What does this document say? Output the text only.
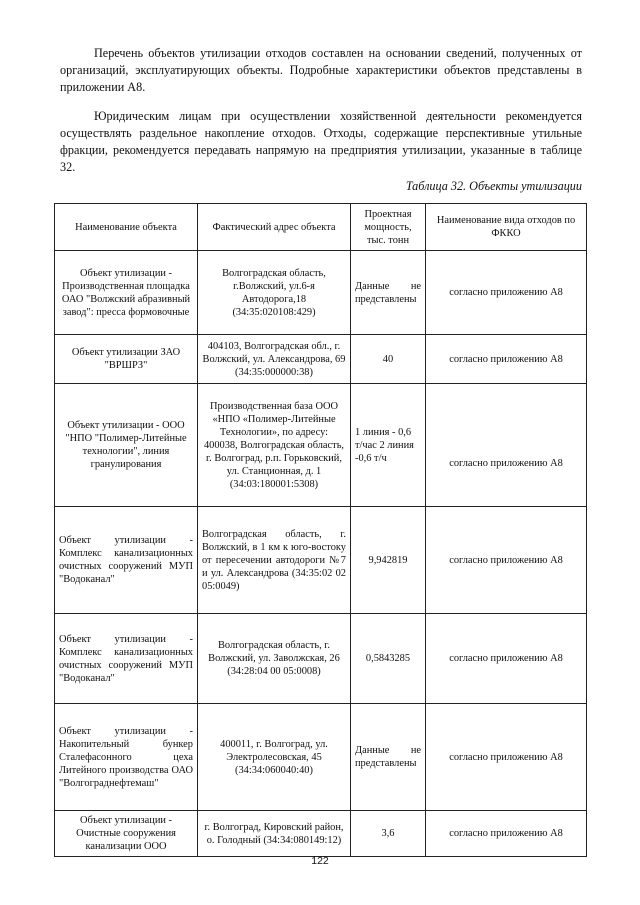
Перечень объектов утилизации отходов составлен на основании сведений, полученных от организаций, эксплуатирующих объекты. Подробные характеристики объектов представлены в приложении А8.

Юридическим лицам при осуществлении хозяйственной деятельности рекомендуется осуществлять раздельное накопление отходов. Отходы, содержащие перспективные утильные фракции, рекомендуется передавать напрямую на предприятия утилизации, указанные в таблице 32.

Таблица 32. Объекты утилизации

Наименование объекта	Фактический адрес объекта	Проектная мощность, тыс. тонн	Наименование вида отходов по ФККО
Объект утилизации - Производственная площадка ОАО "Волжский абразивный завод": пресса формовочные	Волгоградская область, г.Волжский, ул.6-я Автодорога,18 (34:35:020108:429)	Данные не представлены	согласно приложению А8
Объект утилизации ЗАО "ВРШРЗ"	404103, Волгоградская обл., г. Волжский, ул. Александрова, 69 (34:35:000000:38)	40	согласно приложению А8
Объект утилизации - ООО "НПО "Полимер-Литейные технологии", линия гранулирования	Производственная база ООО «НПО «Полимер-Литейные Технологии», по адресу: 400038, Волгоградская область, г. Волгоград, р.п. Горьковский, ул. Станционная, д. 1 (34:03:180001:5308)	1 линия - 0,6 т/час 2 линия -0,6 т/ч	согласно приложению А8
Объект утилизации - Комплекс канализационных очистных сооружений МУП "Водоканал"	Волгоградская область, г. Волжский, в 1 км к юго-востоку от пересечении автодороги №7 и ул. Александрова (34:35:02 02 05:0049)	9,942819	согласно приложению А8
Объект утилизации - Комплекс канализационных очистных сооружений МУП "Водоканал"	Волгоградская область, г. Волжский, ул. Заволжская, 26 (34:28:04 00 05:0008)	0,5843285	согласно приложению А8
Объект утилизации - Накопительный бункер Сталефасонного цеха Литейного производства ОАО "Волгограднефтемаш"	400011, г. Волгоград, ул. Электролесовская, 45 (34:34:060040:40)	Данные не представлены	согласно приложению А8
Объект утилизации - Очистные сооружения канализации ООО	г. Волгоград, Кировский район, о. Голодный (34:34:080149:12)	3,6	согласно приложению А8
122
